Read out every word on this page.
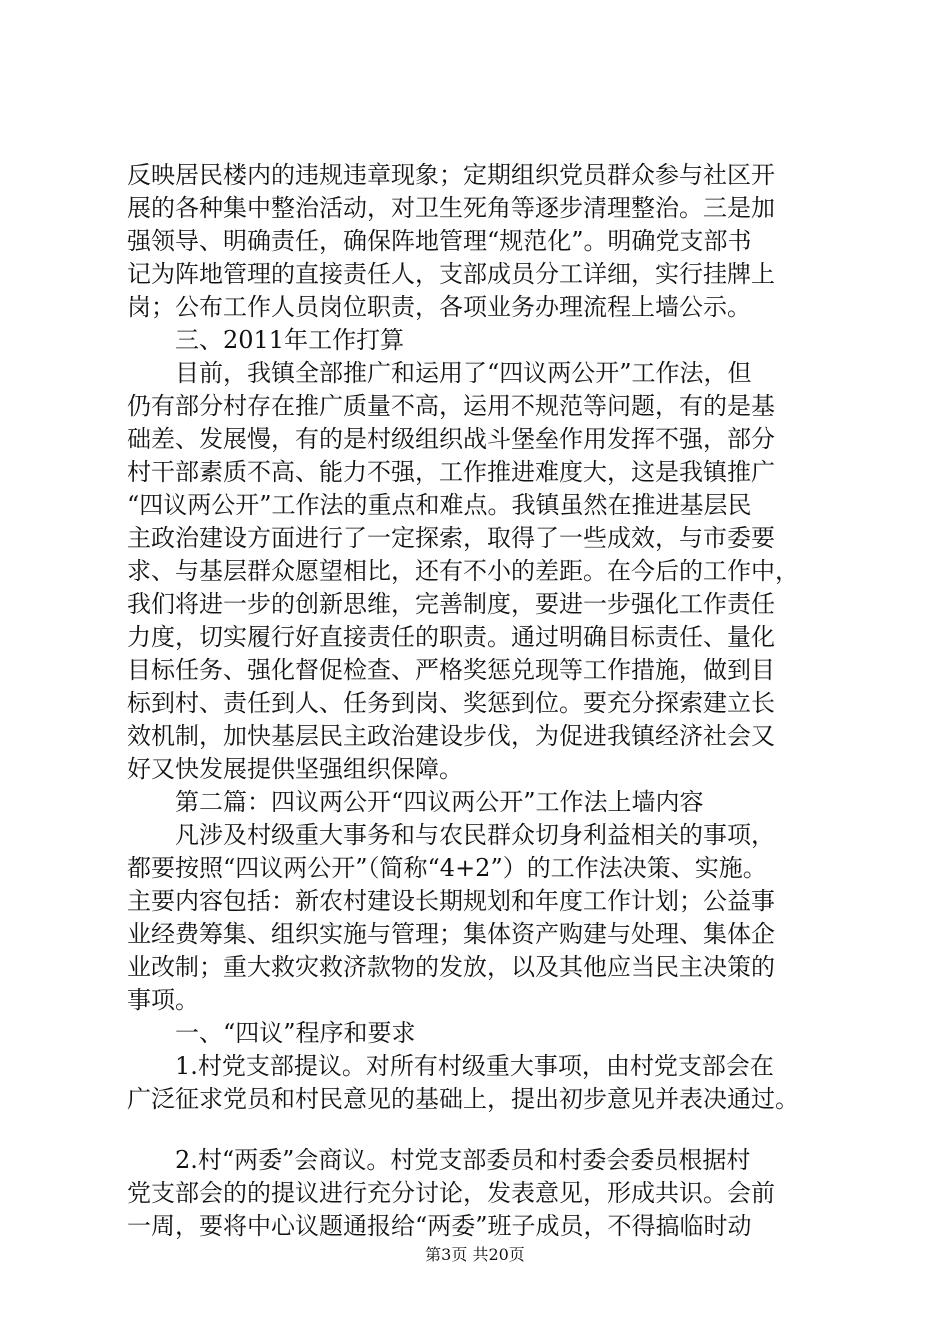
反映居民楼内的违规违章现象；定期组织党员群众参与社区开
展的各种集中整治活动，对卫生死角等逐步清理整治。三是加
强领导、明确责任，确保阵地管理“规范化”。明确党支部书
记为阵地管理的直接责任人，支部成员分工详细，实行挂牌上
岗；公布工作人员岗位职责，各项业务办理流程上墙公示。
　　三、2011年工作打算
　　目前，我镇全部推广和运用了“四议两公开”工作法，但
仍有部分村存在推广质量不高，运用不规范等问题，有的是基
础差、发展慢，有的是村级组织战斗堡垒作用发挥不强，部分
村干部素质不高、能力不强，工作推进难度大，这是我镇推广
“四议两公开”工作法的重点和难点。我镇虽然在推进基层民
主政治建设方面进行了一定探索，取得了一些成效，与市委要
求、与基层群众愿望相比，还有不小的差距。在今后的工作中，
我们将进一步的创新思维，完善制度，要进一步强化工作责任
力度，切实履行好直接责任的职责。通过明确目标责任、量化
目标任务、强化督促检查、严格奖惩兑现等工作措施，做到目
标到村、责任到人、任务到岗、奖惩到位。要充分探索建立长
效机制，加快基层民主政治建设步伐，为促进我镇经济社会又
好又快发展提供坚强组织保障。
　　第二篇：四议两公开“四议两公开”工作法上墙内容
　　凡涉及村级重大事务和与农民群众切身利益相关的事项，
都要按照“四议两公开”（简称“4+2”）的工作法决策、实施。
主要内容包括：新农村建设长期规划和年度工作计划；公益事
业经费筹集、组织实施与管理；集体资产购建与处理、集体企
业改制；重大救灾救济款物的发放，以及其他应当民主决策的
事项。
　　一、“四议”程序和要求
　　1.村党支部提议。对所有村级重大事项，由村党支部会在
广泛征求党员和村民意见的基础上，提出初步意见并表决通过。
　　2.村“两委”会商议。村党支部委员和村委会委员根据村
党支部会的的提议进行充分讨论，发表意见，形成共识。会前
一周，要将中心议题通报给“两委”班子成员，不得搞临时动
第3页 共20页
